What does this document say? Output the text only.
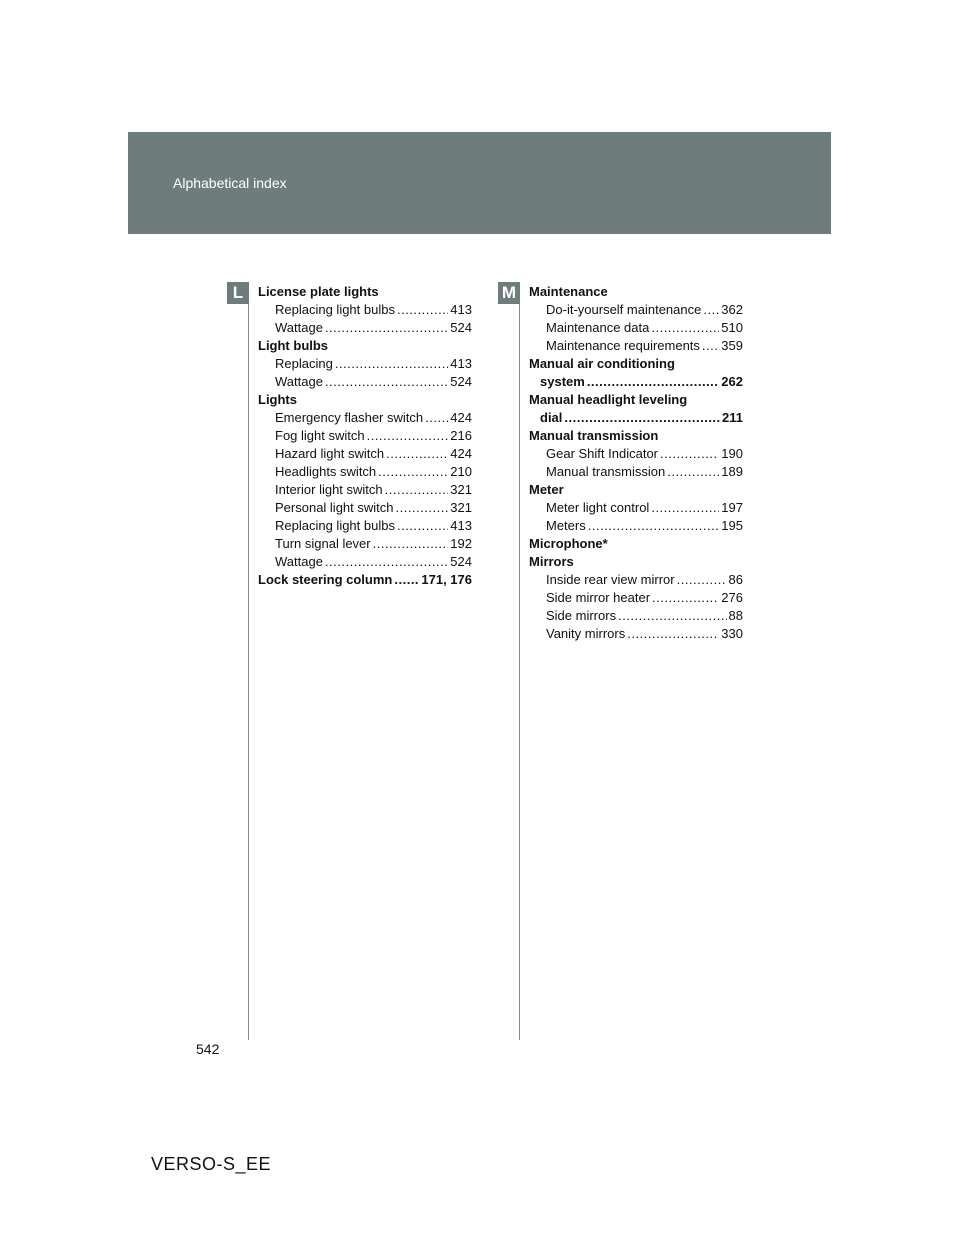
Alphabetical index
L	M
License plate lights
Replacing light bulbs .....	413
Wattage .....	524
Light bulbs
Replacing .....	413
Wattage .....	524
Lights
Emergency flasher switch ..... 424
Fog light switch .....	216
Hazard light switch .....	424
Headlights switch .....	210
Interior light switch .....	321
Personal light switch .....	321
Replacing light bulbs .....	413
Turn signal lever .....	192
Wattage .....	524
Lock steering column ..... 171, 176
Maintenance
Do-it-yourself maintenance ..... 362
Maintenance data .....	510
Maintenance requirements ..... 359
Manual air conditioning
system .....	262
Manual headlight leveling
dial .....	211
Manual transmission
Gear Shift Indicator .....	190
Manual transmission .....	189
Meter
Meter light control .....	197
Meters .....	195
Microphone*
Mirrors
Inside rear view mirror .....	86
Side mirror heater .....	276
Side mirrors .....	88
Vanity mirrors .....	330
542
VERSO-S_EE
